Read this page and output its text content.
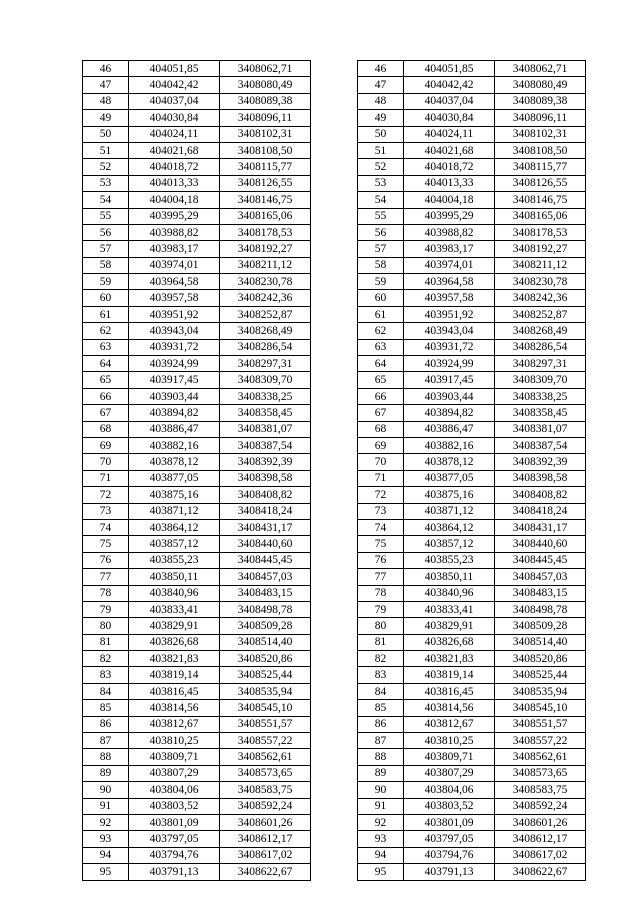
46	404051,85	3408062,71
47	404042,42	3408080,49
48	404037,04	3408089,38
49	404030,84	3408096,11
50	404024,11	3408102,31
51	404021,68	3408108,50
52	404018,72	3408115,77
53	404013,33	3408126,55
54	404004,18	3408146,75
55	403995,29	3408165,06
56	403988,82	3408178,53
57	403983,17	3408192,27
58	403974,01	3408211,12
59	403964,58	3408230,78
60	403957,58	3408242,36
61	403951,92	3408252,87
62	403943,04	3408268,49
63	403931,72	3408286,54
64	403924,99	3408297,31
65	403917,45	3408309,70
66	403903,44	3408338,25
67	403894,82	3408358,45
68	403886,47	3408381,07
69	403882,16	3408387,54
70	403878,12	3408392,39
71	403877,05	3408398,58
72	403875,16	3408408,82
73	403871,12	3408418,24
74	403864,12	3408431,17
75	403857,12	3408440,60
76	403855,23	3408445,45
77	403850,11	3408457,03
78	403840,96	3408483,15
79	403833,41	3408498,78
80	403829,91	3408509,28
81	403826,68	3408514,40
82	403821,83	3408520,86
83	403819,14	3408525,44
84	403816,45	3408535,94
85	403814,56	3408545,10
86	403812,67	3408551,57
87	403810,25	3408557,22
88	403809,71	3408562,61
89	403807,29	3408573,65
90	403804,06	3408583,75
91	403803,52	3408592,24
92	403801,09	3408601,26
93	403797,05	3408612,17
94	403794,76	3408617,02
95	403791,13	3408622,67
46	404051,85	3408062,71
47	404042,42	3408080,49
48	404037,04	3408089,38
49	404030,84	3408096,11
50	404024,11	3408102,31
51	404021,68	3408108,50
52	404018,72	3408115,77
53	404013,33	3408126,55
54	404004,18	3408146,75
55	403995,29	3408165,06
56	403988,82	3408178,53
57	403983,17	3408192,27
58	403974,01	3408211,12
59	403964,58	3408230,78
60	403957,58	3408242,36
61	403951,92	3408252,87
62	403943,04	3408268,49
63	403931,72	3408286,54
64	403924,99	3408297,31
65	403917,45	3408309,70
66	403903,44	3408338,25
67	403894,82	3408358,45
68	403886,47	3408381,07
69	403882,16	3408387,54
70	403878,12	3408392,39
71	403877,05	3408398,58
72	403875,16	3408408,82
73	403871,12	3408418,24
74	403864,12	3408431,17
75	403857,12	3408440,60
76	403855,23	3408445,45
77	403850,11	3408457,03
78	403840,96	3408483,15
79	403833,41	3408498,78
80	403829,91	3408509,28
81	403826,68	3408514,40
82	403821,83	3408520,86
83	403819,14	3408525,44
84	403816,45	3408535,94
85	403814,56	3408545,10
86	403812,67	3408551,57
87	403810,25	3408557,22
88	403809,71	3408562,61
89	403807,29	3408573,65
90	403804,06	3408583,75
91	403803,52	3408592,24
92	403801,09	3408601,26
93	403797,05	3408612,17
94	403794,76	3408617,02
95	403791,13	3408622,67
